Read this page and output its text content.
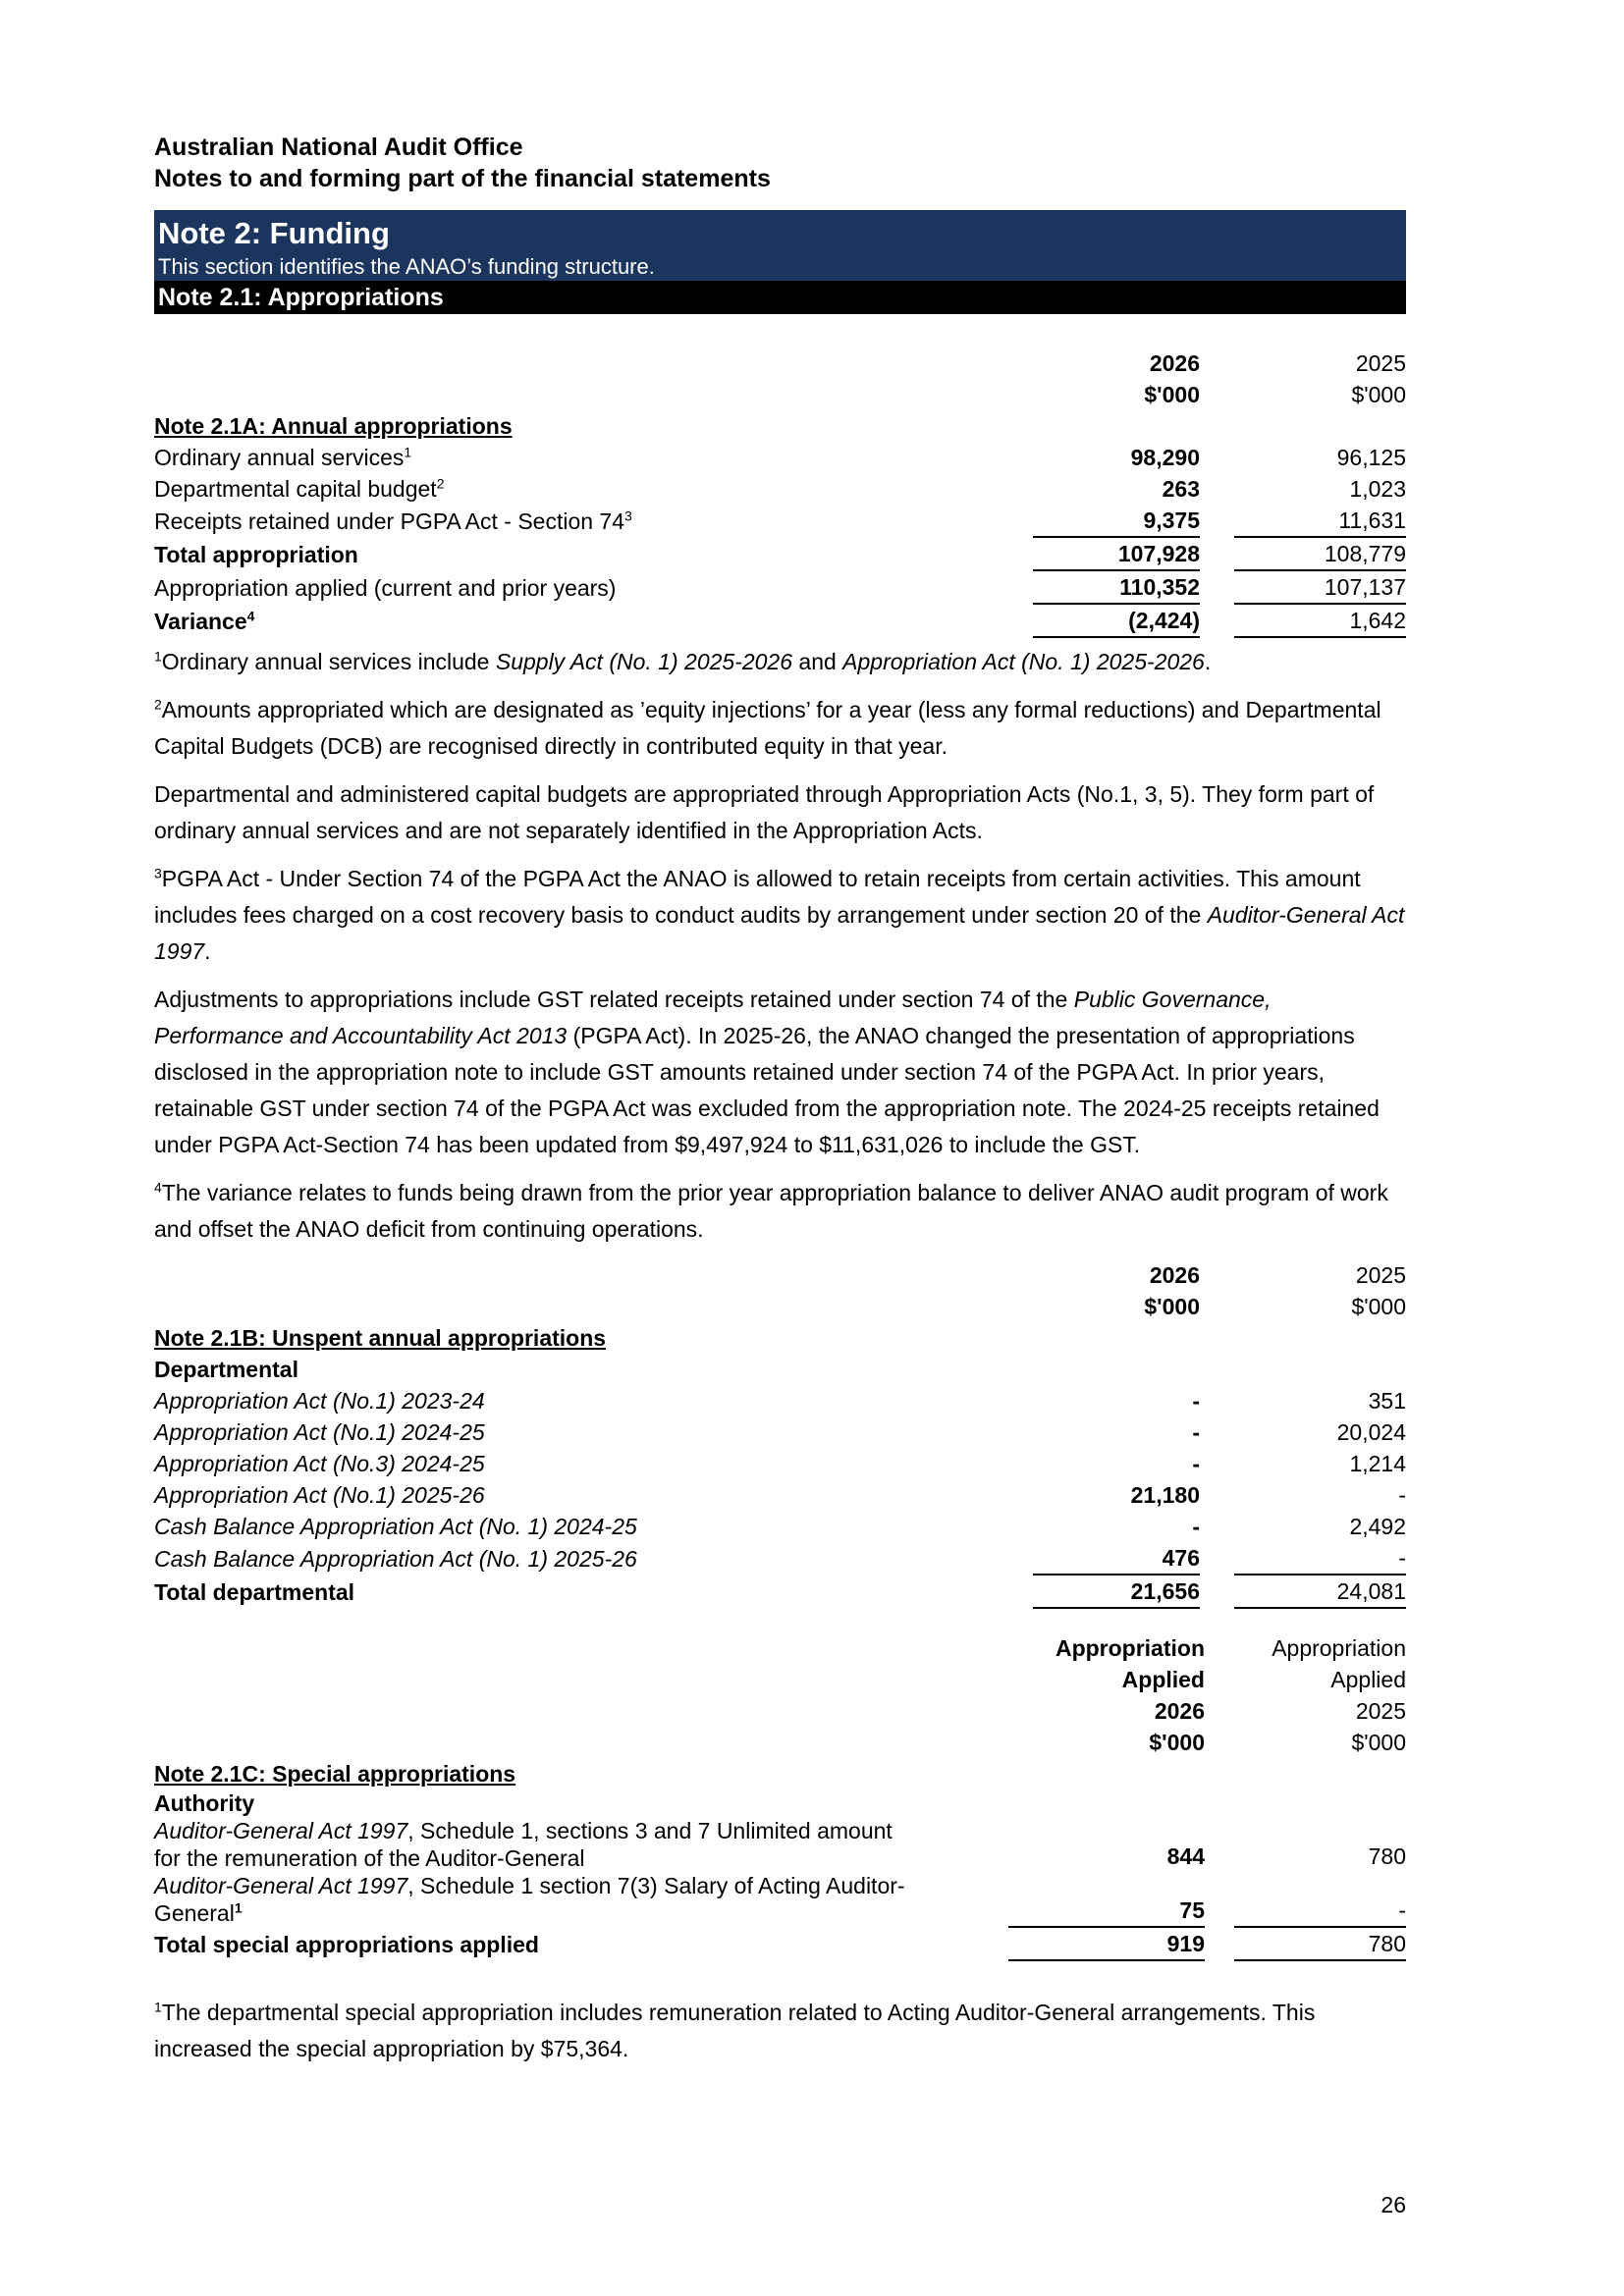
Australian National Audit Office
Notes to and forming part of the financial statements
Note 2: Funding
This section identifies the ANAO’s funding structure.
Note 2.1: Appropriations
	2026		2025
	$'000		$'000
Note 2.1A: Annual appropriations			
Ordinary annual services$^1$	98,290		96,125
Departmental capital budget$^2$	263		1,023
Receipts retained under PGPA Act - Section $74^3$	9,375		11,631
Total appropriation	107,928		108,779
Appropriation applied (current and prior years)	110,352		107,137
Variance$^4$	(2,424)		1,642

$^1$Ordinary annual services include Supply Act (No. 1) 2025-2026 and Appropriation Act (No. 1) 2025-2026.

$^2$Amounts appropriated which are designated as ’equity injections’ for a year (less any formal reductions) and Departmental Capital Budgets (DCB) are recognised directly in contributed equity in that year.

Departmental and administered capital budgets are appropriated through Appropriation Acts (No.1, 3, 5). They form part of ordinary annual services and are not separately identified in the Appropriation Acts.

$^3$PGPA Act - Under Section 74 of the PGPA Act the ANAO is allowed to retain receipts from certain activities. This amount includes fees charged on a cost recovery basis to conduct audits by arrangement under section 20 of the Auditor-General Act 1997.

Adjustments to appropriations include GST related receipts retained under section 74 of the Public Governance, Performance and Accountability Act 2013 (PGPA Act). In 2025-26, the ANAO changed the presentation of appropriations disclosed in the appropriation note to include GST amounts retained under section 74 of the PGPA Act. In prior years, retainable GST under section 74 of the PGPA Act was excluded from the appropriation note. The 2024-25 receipts retained under PGPA Act-Section 74 has been updated from $9,497,924 to $11,631,026 to include the GST.

$^4$The variance relates to funds being drawn from the prior year appropriation balance to deliver ANAO audit program of work and offset the ANAO deficit from continuing operations.

	2026		2025
	$'000		$'000
Note 2.1B: Unspent annual appropriations			
Departmental			
Appropriation Act (No.1) 2023-24	-		351
Appropriation Act (No.1) 2024-25	-		20,024
Appropriation Act (No.3) 2024-25	-		1,214
Appropriation Act (No.1) 2025-26	21,180		-
Cash Balance Appropriation Act (No. 1) 2024-25	-		2,492
Cash Balance Appropriation Act (No. 1) 2025-26	476		-
Total departmental	21,656		24,081
	Appropriation		Appropriation
	Applied		Applied
	2026		2025
	$'000		$'000
Note 2.1C: Special appropriations			
Authority			
Auditor-General Act 1997, Schedule 1, sections 3 and 7 Unlimited amount
for the remuneration of the Auditor-General	844		780
Auditor-General Act 1997, Schedule 1 section 7(3) Salary of Acting Auditor-
General$^1$	75		-
Total special appropriations applied	919		780

$^1$The departmental special appropriation includes remuneration related to Acting Auditor-General arrangements. This increased the special appropriation by $75,364.

26
